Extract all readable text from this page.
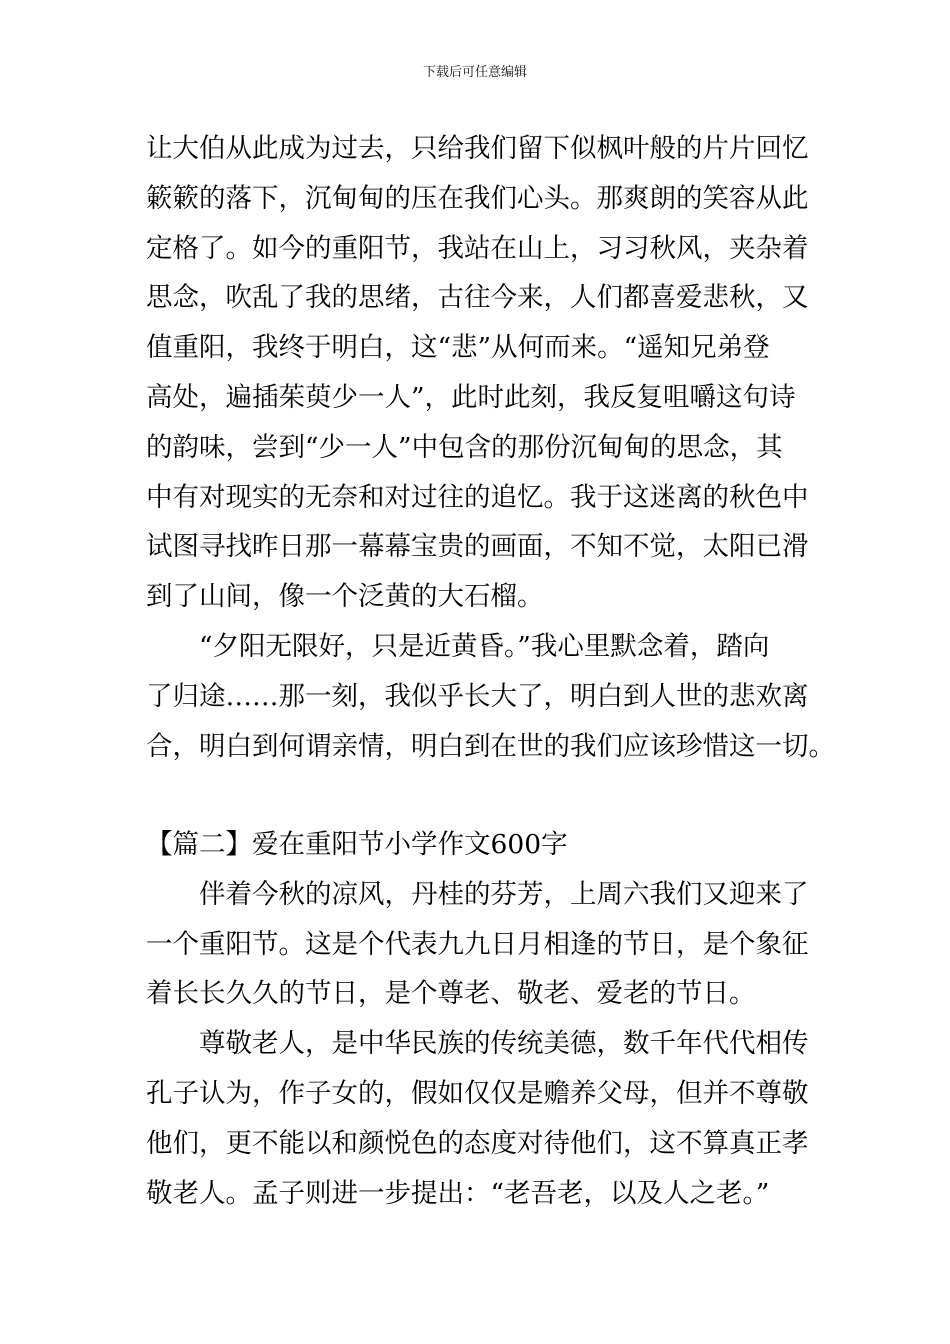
下载后可任意编辑
让大伯从此成为过去，只给我们留下似枫叶般的片片回忆
簌簌的落下，沉甸甸的压在我们心头。那爽朗的笑容从此
定格了。如今的重阳节，我站在山上，习习秋风，夹杂着
思念，吹乱了我的思绪，古往今来，人们都喜爱悲秋，又
值重阳，我终于明白，这“悲”从何而来。“遥知兄弟登
高处，遍插茱萸少一人”，此时此刻，我反复咀嚼这句诗
的韵味，尝到“少一人”中包含的那份沉甸甸的思念，其
中有对现实的无奈和对过往的追忆。我于这迷离的秋色中
试图寻找昨日那一幕幕宝贵的画面，不知不觉，太阳已滑
到了山间，像一个泛黄的大石榴。
“夕阳无限好，只是近黄昏。”我心里默念着，踏向
了归途……那一刻，我似乎长大了，明白到人世的悲欢离
合，明白到何谓亲情，明白到在世的我们应该珍惜这一切。
【篇二】爱在重阳节小学作文600字
伴着今秋的凉风，丹桂的芬芳，上周六我们又迎来了
一个重阳节。这是个代表九九日月相逢的节日，是个象征
着长长久久的节日，是个尊老、敬老、爱老的节日。
尊敬老人，是中华民族的传统美德，数千年代代相传
孔子认为，作子女的，假如仅仅是赡养父母，但并不尊敬
他们，更不能以和颜悦色的态度对待他们，这不算真正孝
敬老人。孟子则进一步提出：“老吾老，以及人之老。”
